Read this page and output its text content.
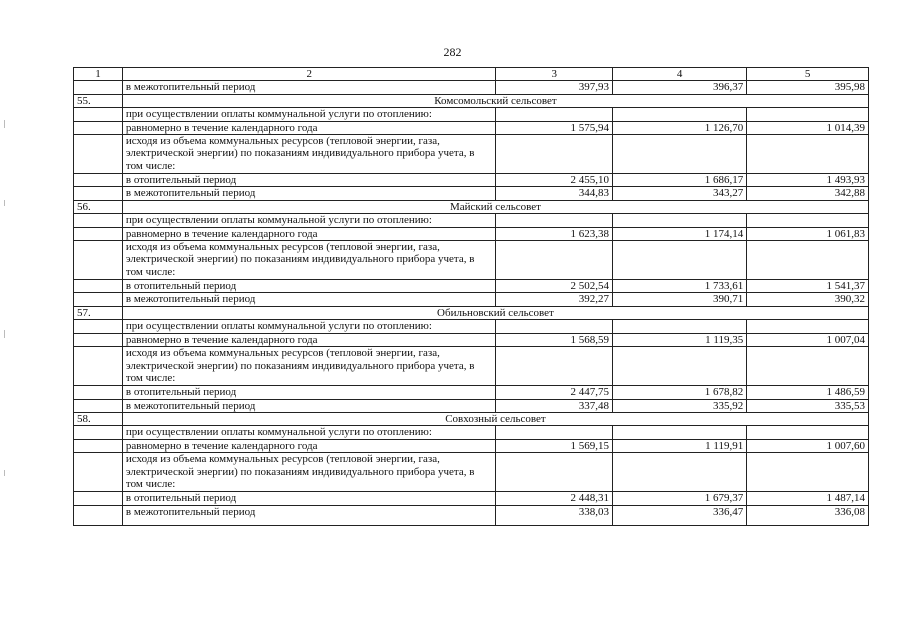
282
1	2	3	4	5
	в межотопительный период	397,93	396,37	395,98
55.	Комсомольский сельсовет			
	при осуществлении оплаты коммунальной услуги по отоплению:			
	равномерно в течение календарного года	1 575,94	1 126,70	1 014,39
	исходя из объема коммунальных ресурсов (тепловой энергии, газа, электрической энергии) по показаниям индивидуального прибора учета, в том числе:			
	в отопительный период	2 455,10	1 686,17	1 493,93
	в межотопительный период	344,83	343,27	342,88
56.	Майский сельсовет			
	при осуществлении оплаты коммунальной услуги по отоплению:			
	равномерно в течение календарного года	1 623,38	1 174,14	1 061,83
	исходя из объема коммунальных ресурсов (тепловой энергии, газа, электрической энергии) по показаниям индивидуального прибора учета, в том числе:			
	в отопительный период	2 502,54	1 733,61	1 541,37
	в межотопительный период	392,27	390,71	390,32
57.	Обильновский сельсовет			
	при осуществлении оплаты коммунальной услуги по отоплению:			
	равномерно в течение календарного года	1 568,59	1 119,35	1 007,04
	исходя из объема коммунальных ресурсов (тепловой энергии, газа, электрической энергии) по показаниям индивидуального прибора учета, в том числе:			
	в отопительный период	2 447,75	1 678,82	1 486,59
	в межотопительный период	337,48	335,92	335,53
58.	Совхозный сельсовет			
	при осуществлении оплаты коммунальной услуги по отоплению:			
	равномерно в течение календарного года	1 569,15	1 119,91	1 007,60
	исходя из объема коммунальных ресурсов (тепловой энергии, газа, электрической энергии) по показаниям индивидуального прибора учета, в том числе:			
	в отопительный период	2 448,31	1 679,37	1 487,14
	в межотопительный период	338,03	336,47	336,08
